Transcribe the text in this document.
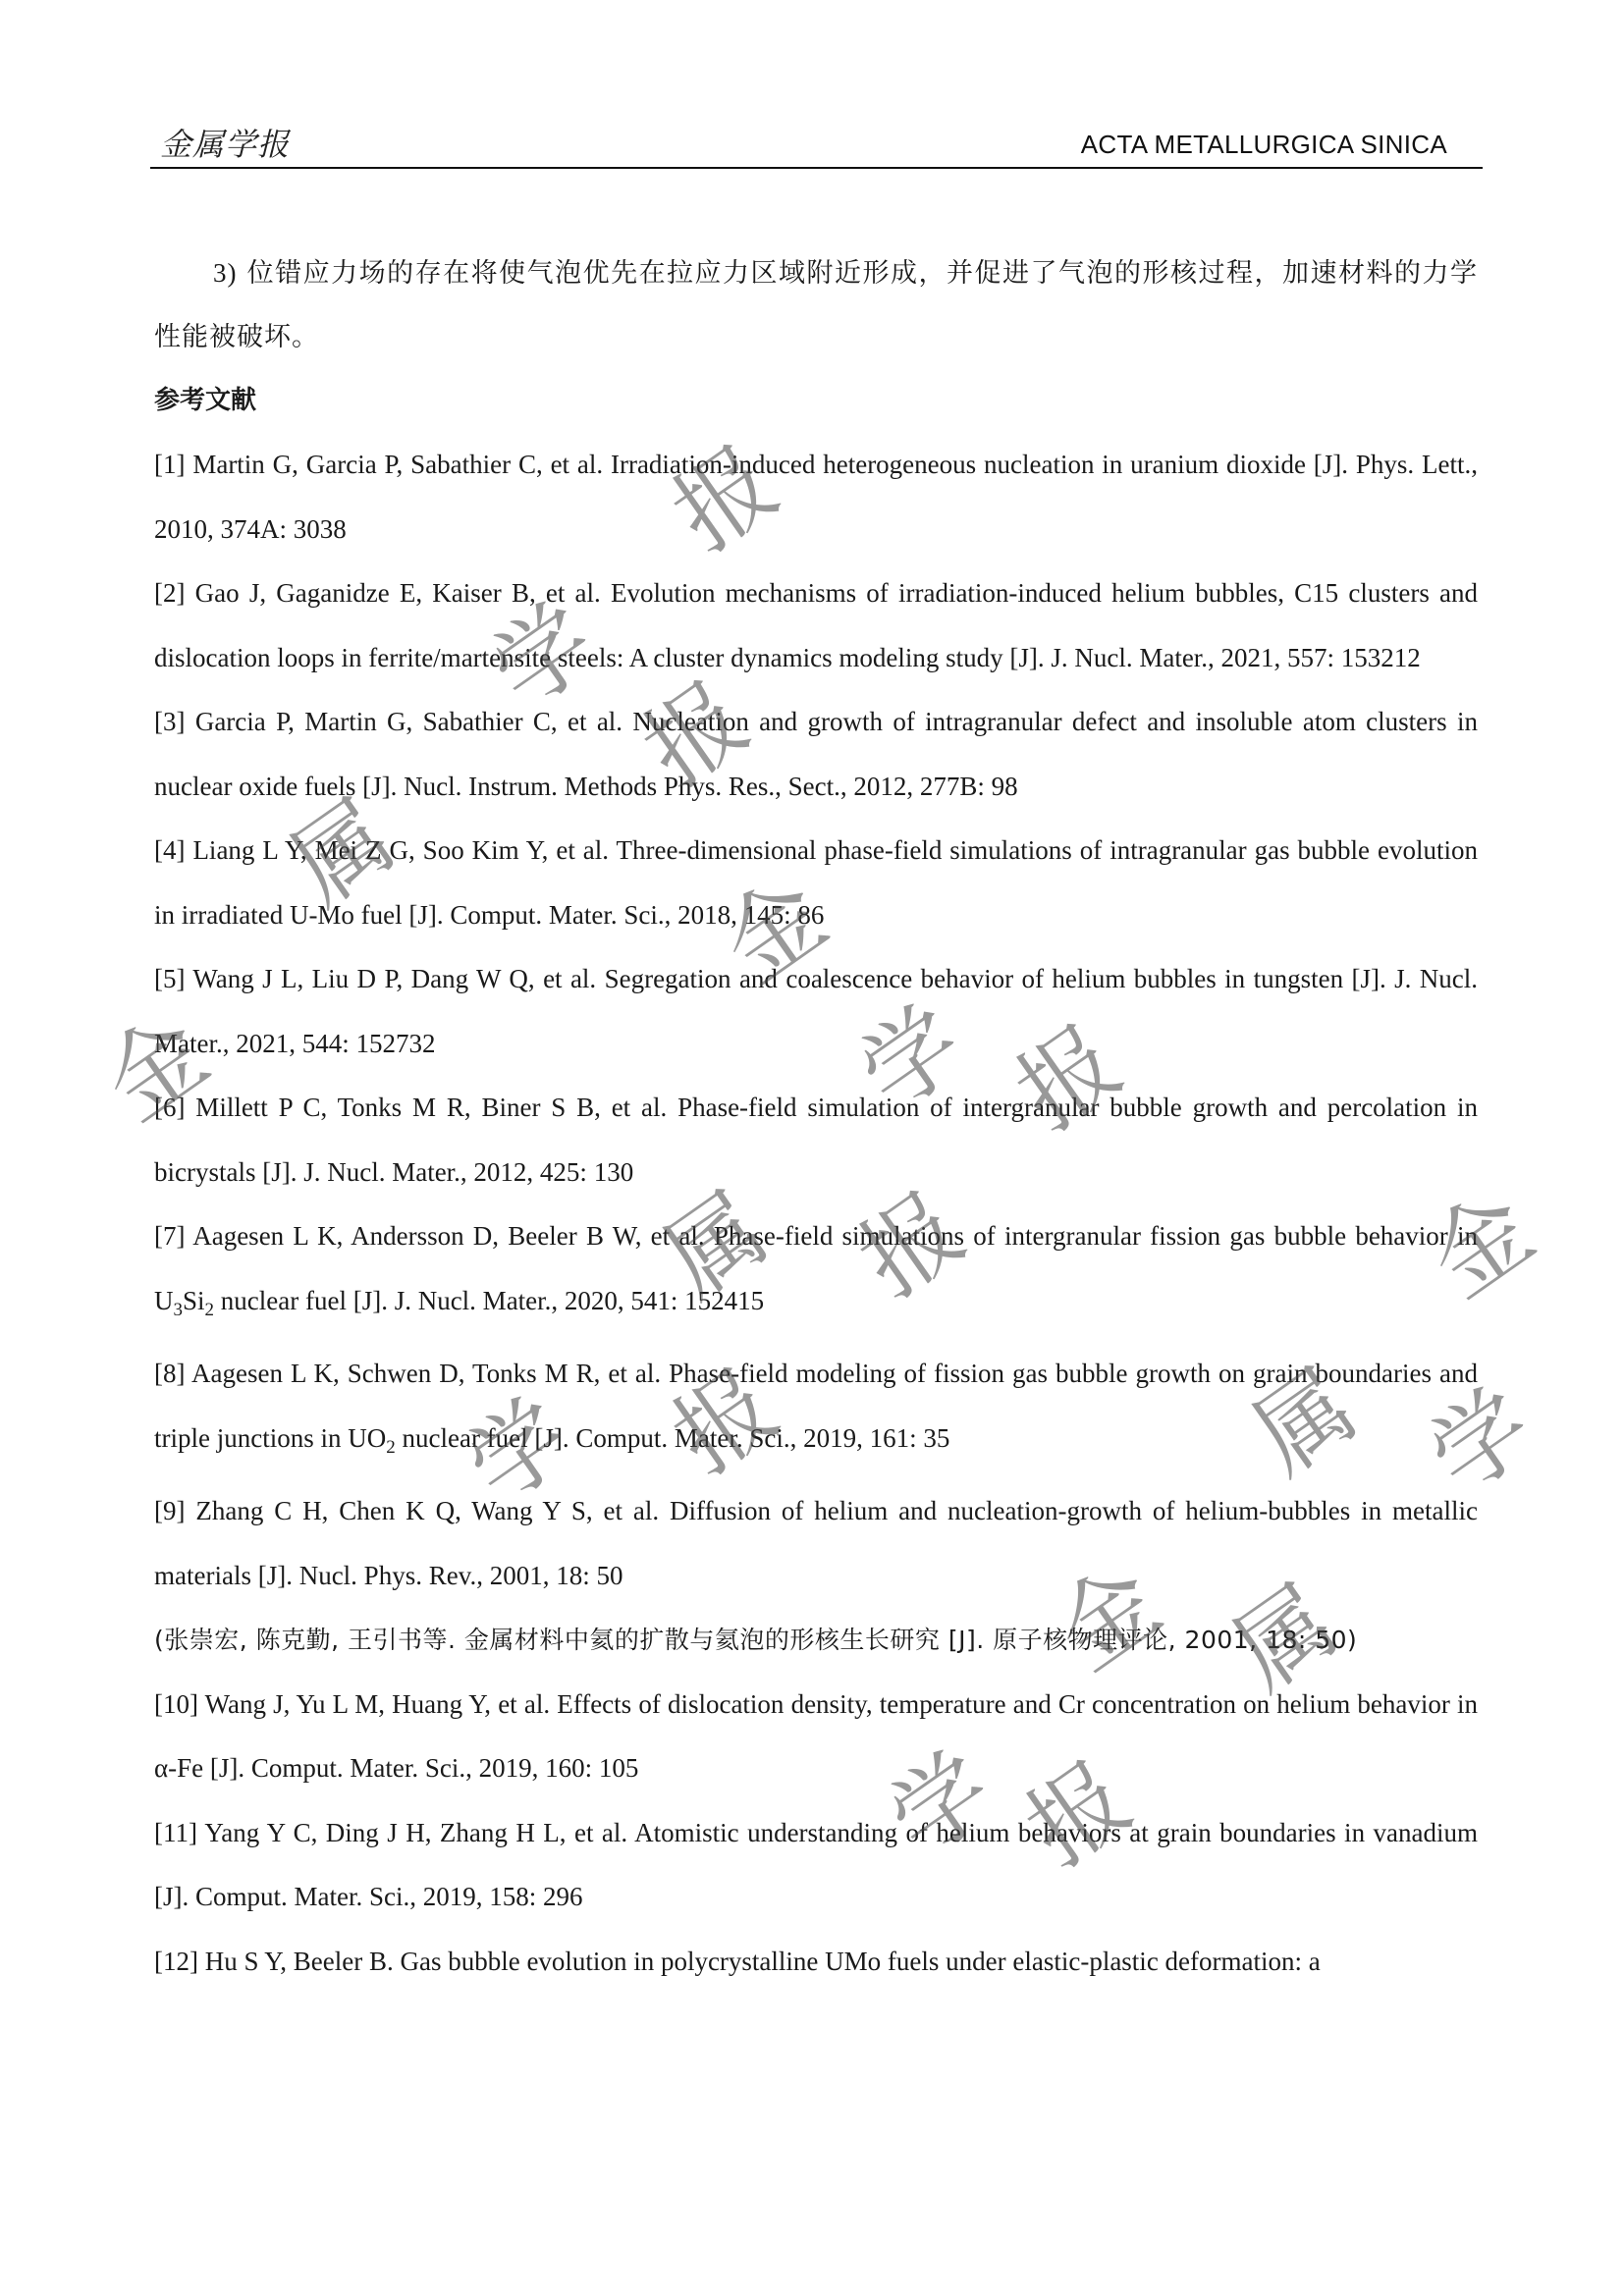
金属学报	ACTA METALLURGICA SINICA

3) 位错应力场的存在将使气泡优先在拉应力区域附近形成，并促进了气泡的形核过程，加速材料的力学性能被破坏。

参考文献
[1] Martin G, Garcia P, Sabathier C, et al. Irradiation-induced heterogeneous nucleation in uranium dioxide [J]. Phys. Lett., 2010, 374A: 3038
[2] Gao J, Gaganidze E, Kaiser B, et al. Evolution mechanisms of irradiation-induced helium bubbles, C15 clusters and dislocation loops in ferrite/martensite steels: A cluster dynamics modeling study [J]. J. Nucl. Mater., 2021, 557: 153212
[3] Garcia P, Martin G, Sabathier C, et al. Nucleation and growth of intragranular defect and insoluble atom clusters in nuclear oxide fuels [J]. Nucl. Instrum. Methods Phys. Res., Sect., 2012, 277B: 98
[4] Liang L Y, Mei Z G, Soo Kim Y, et al. Three-dimensional phase-field simulations of intragranular gas bubble evolution in irradiated U-Mo fuel [J]. Comput. Mater. Sci., 2018, 145: 86
[5] Wang J L, Liu D P, Dang W Q, et al. Segregation and coalescence behavior of helium bubbles in tungsten [J]. J. Nucl. Mater., 2021, 544: 152732
[6] Millett P C, Tonks M R, Biner S B, et al. Phase-field simulation of intergranular bubble growth and percolation in bicrystals [J]. J. Nucl. Mater., 2012, 425: 130
[7] Aagesen L K, Andersson D, Beeler B W, et al. Phase-field simulations of intergranular fission gas bubble behavior in $U_3Si_2$ nuclear fuel [J]. J. Nucl. Mater., 2020, 541: 152415
[8] Aagesen L K, Schwen D, Tonks M R, et al. Phase-field modeling of fission gas bubble growth on grain boundaries and triple junctions in $UO_2$ nuclear fuel [J]. Comput. Mater. Sci., 2019, 161: 35
[9] Zhang C H, Chen K Q, Wang Y S, et al. Diffusion of helium and nucleation-growth of helium-bubbles in metallic materials [J]. Nucl. Phys. Rev., 2001, 18: 50
(张崇宏, 陈克勤, 王引书等. 金属材料中氦的扩散与氦泡的形核生长研究 [J]. 原子核物理评论, 2001, 18: 50)
[10] Wang J, Yu L M, Huang Y, et al. Effects of dislocation density, temperature and Cr concentration on helium behavior in α-Fe [J]. Comput. Mater. Sci., 2019, 160: 105
[11] Yang Y C, Ding J H, Zhang H L, et al. Atomistic understanding of helium behaviors at grain boundaries in vanadium [J]. Comput. Mater. Sci., 2019, 158: 296
[12] Hu S Y, Beeler B. Gas bubble evolution in polycrystalline UMo fuels under elastic-plastic deformation: a
报
学
报
金
属
学 报
金
属
学
报	金
属 学
报
金 属
学
报
